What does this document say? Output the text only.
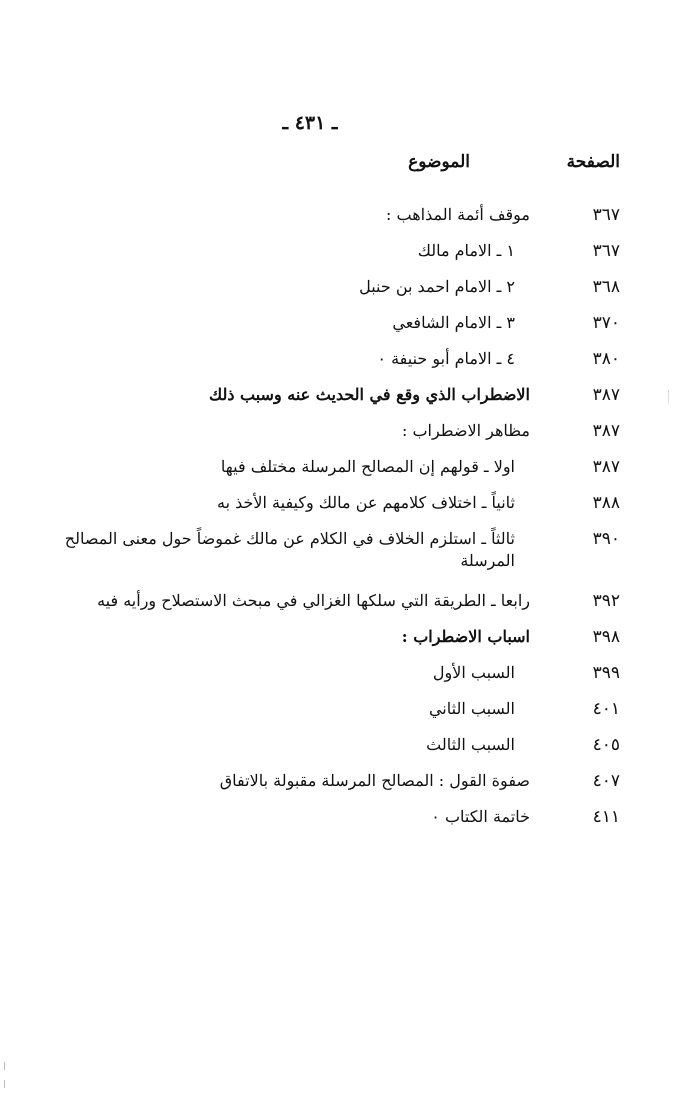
ـ ٤٣١ ـ
الصفحة
الموضوع
٣٦٧
موقف أئمة المذاهب :
٣٦٧
١ ـ الامام مالك
٣٦٨
٢ ـ الامام احمد بن حنبل
٣٧٠
٣ ـ الامام الشافعي
٣٨٠
٤ ـ الامام أبو حنيفة ٠
٣٨٧
الاضطراب الذي وقع في الحديث عنه وسبب ذلك
٣٨٧
مظاهر الاضطراب :
٣٨٧
اولا ـ قولهم إن المصالح المرسلة مختلف فيها
٣٨٨
ثانياً ـ اختلاف كلامهم عن مالك وكيفية الأخذ به
٣٩٠
ثالثاً ـ استلزم الخلاف في الكلام عن مالك غموضاً حول معنى المصالح المرسلة
٣٩٢
رابعا ـ الطريقة التي سلكها الغزالي في مبحث الاستصلاح ورأيه فيه
٣٩٨
اسباب الاضطراب :
٣٩٩
السبب الأول
٤٠١
السبب الثاني
٤٠٥
السبب الثالث
٤٠٧
صفوة القول : المصالح المرسلة مقبولة بالاتفاق
٤١١
خاتمة الكتاب ٠
